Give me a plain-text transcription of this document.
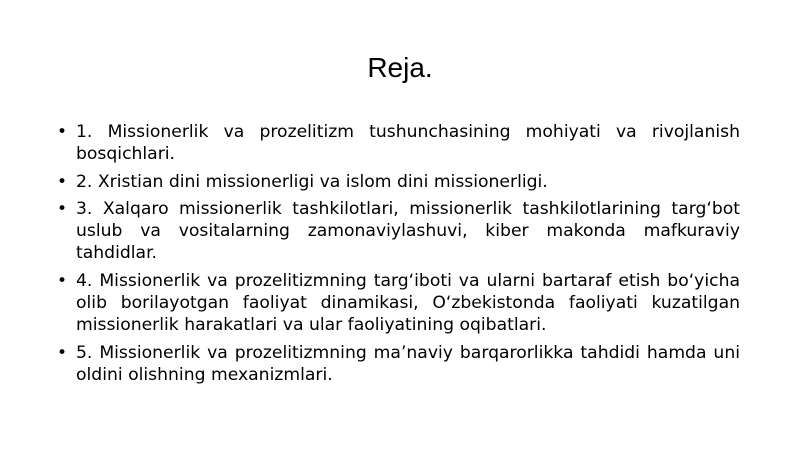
Reja.
• 1. Missionerlik va prozelitizm tushunchasining mohiyati va rivojlanish bosqichlari.
• 2. Xristian dini missionerligi va islom dini missionerligi.
• 3. Xalqaro missionerlik tashkilotlari, missionerlik tashkilotlarining targ‘bot uslub va vositalarning zamonaviylashuvi, kiber makonda mafkuraviy tahdidlar.
• 4. Missionerlik va prozelitizmning targ‘iboti va ularni bartaraf etish bo‘yicha olib borilayotgan faoliyat dinamikasi, O‘zbekistonda faoliyati kuzatilgan missionerlik harakatlari va ular faoliyatining oqibatlari.
• 5. Missionerlik va prozelitizmning ma’naviy barqarorlikka tahdidi hamda uni oldini olishning mexanizmlari.
